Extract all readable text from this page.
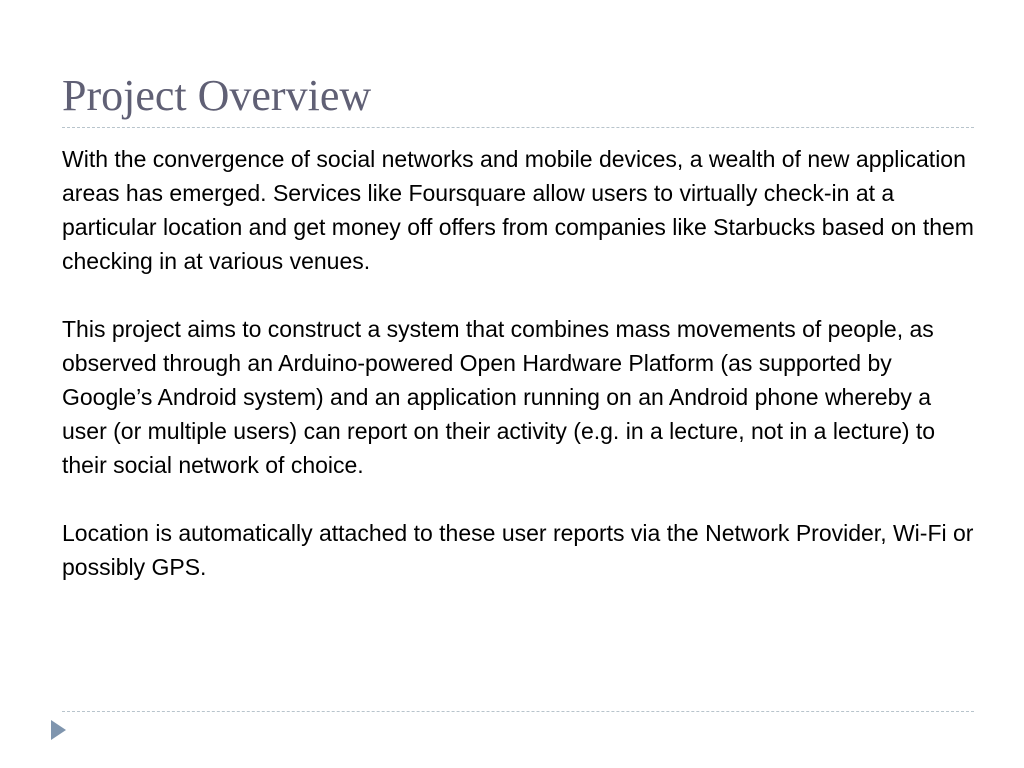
Project Overview

With the convergence of social networks and mobile devices, a wealth of new application areas has emerged. Services like Foursquare allow users to virtually check-in at a particular location and get money off offers from companies like Starbucks based on them checking in at various venues.

This project aims to construct a system that combines mass movements of people, as observed through an Arduino-powered Open Hardware Platform (as supported by Google’s Android system) and an application running on an Android phone whereby a user (or multiple users) can report on their activity (e.g. in a lecture, not in a lecture) to their social network of choice.

Location is automatically attached to these user reports via the Network Provider, Wi-Fi or possibly GPS.
